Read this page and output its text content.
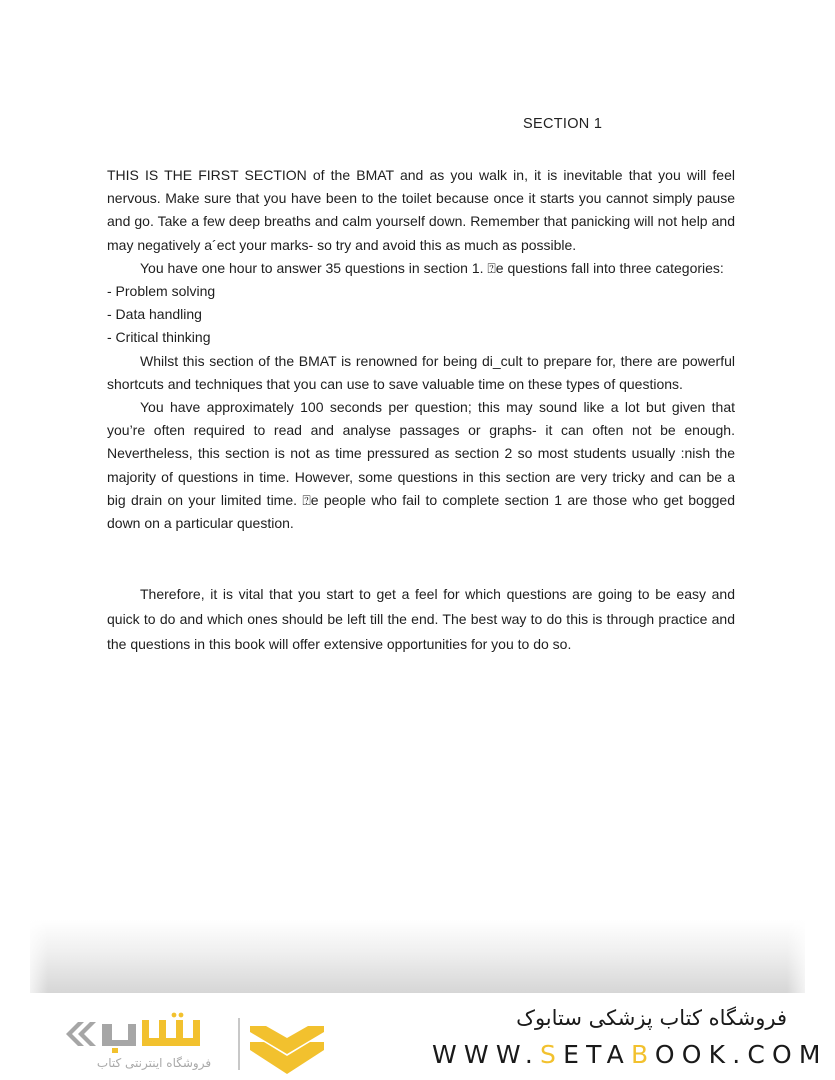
SECTION 1

THIS IS THE FIRST SECTION of the BMAT and as you walk in, it is inevitable that you will feel nervous. Make sure that you have been to the toilet because once it starts you cannot simply pause and go. Take a few deep breaths and calm yourself down. Remember that panicking will not help and may negatively a´ect your marks- so try and avoid this as much as possible.

You have one hour to answer 35 questions in section 1. ⍰e questions fall into three categories:

- Problem solving

- Data handling

- Critical thinking

Whilst this section of the BMAT is renowned for being di_cult to prepare for, there are powerful shortcuts and techniques that you can use to save valuable time on these types of questions.

You have approximately 100 seconds per question; this may sound like a lot but given that you’re often required to read and analyse passages or graphs- it can often not be enough. Nevertheless, this section is not as time pressured as section 2 so most students usually :nish the majority of questions in time. However, some questions in this section are very tricky and can be a big drain on your limited time. ⍰e people who fail to complete section 1 are those who get bogged down on a particular question.

Therefore, it is vital that you start to get a feel for which questions are going to be easy and quick to do and which ones should be left till the end. The best way to do this is through practice and the questions in this book will offer extensive opportunities for you to do so.

فروشگاه اینترنتی کتاب
فروشگاه کتاب پزشکی ستابوک
WWW.SETABOOK.COM
